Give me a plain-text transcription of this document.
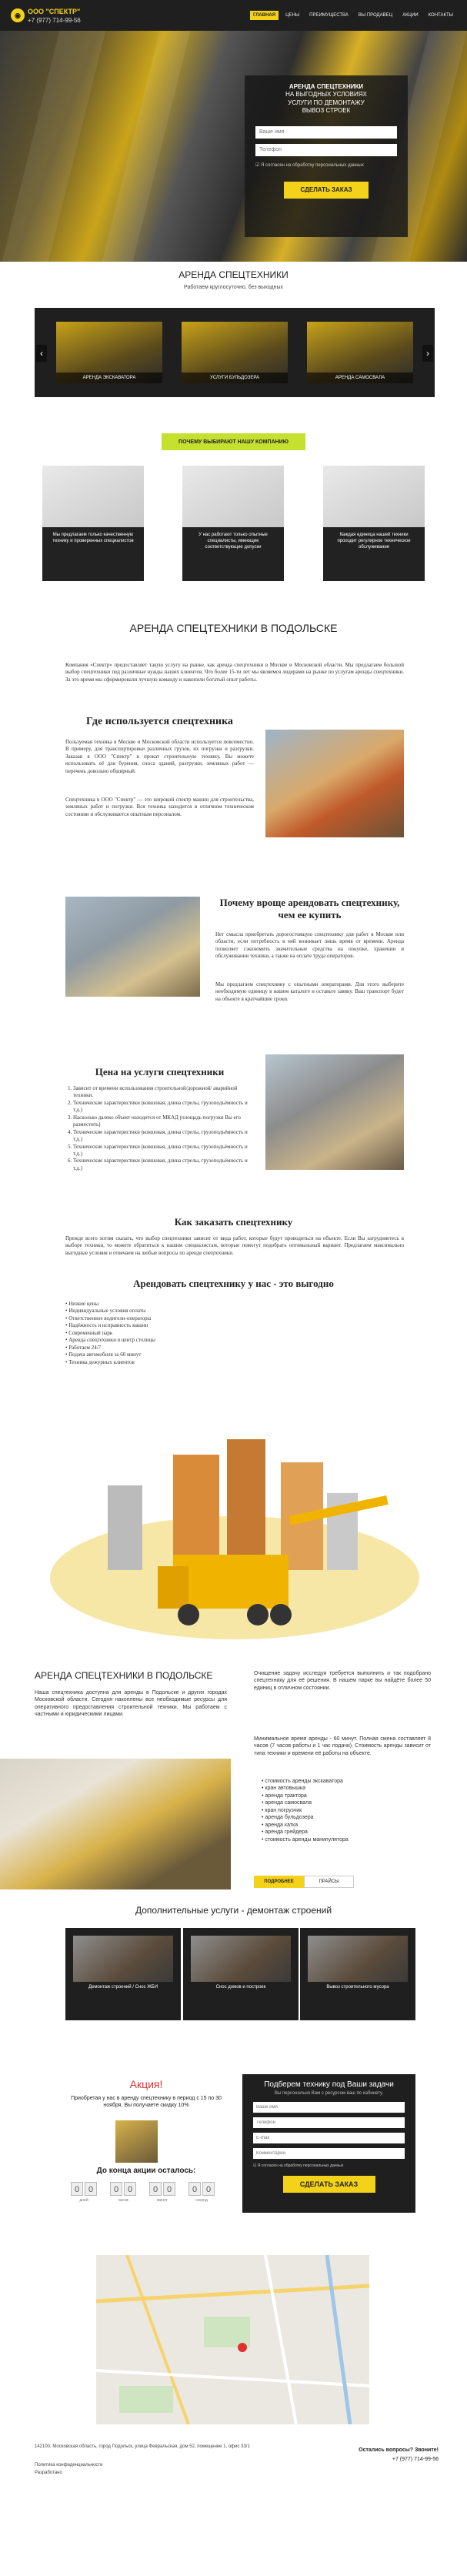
◉	ООО "СПЕКТР"
+7 (977) 714-99-56
ГЛАВНАЯ	ЦЕНЫ	ПРЕИМУЩЕСТВА	ВЫ ПРОДАВЕЦ	АКЦИИ	КОНТАКТЫ
АРЕНДА СПЕЦТЕХНИКИ
НА ВЫГОДНЫХ УСЛОВИЯХ
УСЛУГИ ПО ДЕМОНТАЖУ
ВЫВОЗ СТРОЕК
Ваше имя
Телефон
☑ Я согласен на обработку персональных данных
СДЕЛАТЬ ЗАКАЗ
АРЕНДА СПЕЦТЕХНИКИ
Работаем круглосуточно, без выходных
‹
АРЕНДА ЭКСКАВАТОРА	УСЛУГИ БУЛЬДОЗЕРА	АРЕНДА САМОСВАЛА
›
ПОЧЕМУ ВЫБИРАЮТ НАШУ КОМПАНИЮ
Мы предлагаем только качественную технику и проверенных специалистов
У нас работают только опытные специалисты, имеющие соответствующие допуски
Каждая единица нашей техники проходит регулярное техническое обслуживание
АРЕНДА СПЕЦТЕХНИКИ В ПОДОЛЬСКЕ
Компания «Спектр» предоставляет такую услугу на рынке, как аренда спецтехники в Москве и Московской области. Мы предлагаем большой выбор спецтехники под различные нужды наших клиентов. Что более 15-ти лет мы являемся лидерами на рынке по услугам аренды спецтехники. За это время мы сформировали лучшую команду и накопили богатый опыт работы.
Где используется спецтехника
Пользуемая техника в Москве и Московской области используется повсеместно. В примеру, для транспортировки различных грузов, их погрузки и разгрузки. Заказав в ООО "Спектр" в прокат строительную технику, Вы можете использовать её для бурения, сноса зданий, разгрузки, земляных работ — перечень довольно обширный.
Спецтехника в ООО "Спектр" — это широкий спектр машин для строительства, земляных работ и погрузки. Вся техника находится в отличном техническом состоянии и обслуживается опытным персоналом.
Почему вроще арендовать спецтехнику, чем ее купить
Нет смысла приобретать дорогостоящую спецтехнику для работ в Москве или области, если потребность в ней возникает лишь время от времени. Аренда позволяет сэкономить значительные средства на покупке, хранении и обслуживании техники, а также на оплате труда операторов.
Мы предлагаем спецтехнику с опытными операторами. Для этого выберите необходимую единицу в нашем каталоге и оставьте заявку. Ваш транспорт будет на объекте в кратчайшие сроки.
Цена на услуги спецтехники
1. Зависит от времени использования строительной/дорожной/ аварийной техники.
2. Технические характеристики (ковшовая, длина стрелы, грузоподъёмность и т.д.)
3. Насколько далеко объект находится от МКАД (площадь погрузки Вы его разместить)
4. Технические характеристики (ковшовая, длина стрелы, грузоподъёмность и т.д.)
5. Технические характеристики (ковшовая, длина стрелы, грузоподъёмность и т.д.)
6. Технические характеристики (ковшовая, длина стрелы, грузоподъёмность и т.д.)
Как заказать спецтехнику
Прежде всего хотим сказать, что выбор спецтехники зависит от вида работ, которые будут проводиться на объекте. Если Вы затрудняетесь в выборе техники, то можете обратиться к нашим специалистам, которые помогут подобрать оптимальный вариант. Предлагаем максимально выгодные условия и отвечаем на любые вопросы по аренде спецтехники.
Арендовать спецтехнику у нас - это выгодно
• Низкие цены
• Индивидуальные условия оплаты
• Ответственное водители-операторы
• Надёжность и исправность машин
• Современный парк
• Аренда спецтехники в центр столицы
• Работаем 24/7
• Подача автомобиля за 60 минут
• Техника дежурных клиентов
АРЕНДА СПЕЦТЕХНИКИ В ПОДОЛЬСКЕ
Наша спецтехника доступна для аренды в Подольске и других городах Московской области. Сегодня накоплены все необходимые ресурсы для оперативного предоставления строительной техники. Мы работаем с частными и юридическими лицами.
Очищение задачу исследуя требуется выполнить и так подобрано спецтехнику для её решения. В нашем парке вы найдёте более 50 единиц в отличном состоянии.
Минимальное время аренды - 60 минут. Полная смена составляет 8 часов (7 часов работы и 1 час подачи). Стоимость аренды зависит от типа техники и времени её работы на объекте.
• стоимость аренды экскаватора
• кран автовышка
• аренда трактора
• аренда самосвала
• кран погрузчик
• аренда бульдозера
• аренда катка
• аренда грейдера
• стоимость аренды манипулятора
ПОДРОБНЕЕ	ПРАЙСЫ
Дополнительные услуги - демонтаж строений
Демонтаж строений / Снос ЖБИ	Снос домов и построек	Вывоз строительного мусора
Акция!
Приобретая у нас в аренду спецтехнику в период с 15 по 30 ноября. Вы получаете скидку 10%
До конца акции осталось:
0	0	0	0	0	0	0	0
дней	часов	минут	секунд
Подберем технику под Ваши задачи
Вы персонально Вам с ресурсом ваш по кабинету.
Ваше имя
Телефон
E-mail
Комментарий
☑ Я согласен на обработку персональных данных
СДЕЛАТЬ ЗАКАЗ
142100, Московская область, город Подольск, улица Февральская, дом 52, помещение 1, офис 33/1
Политика конфиденциальности
Разработано
Остались вопросы? Звоните!
+7 (977) 714-99-56
